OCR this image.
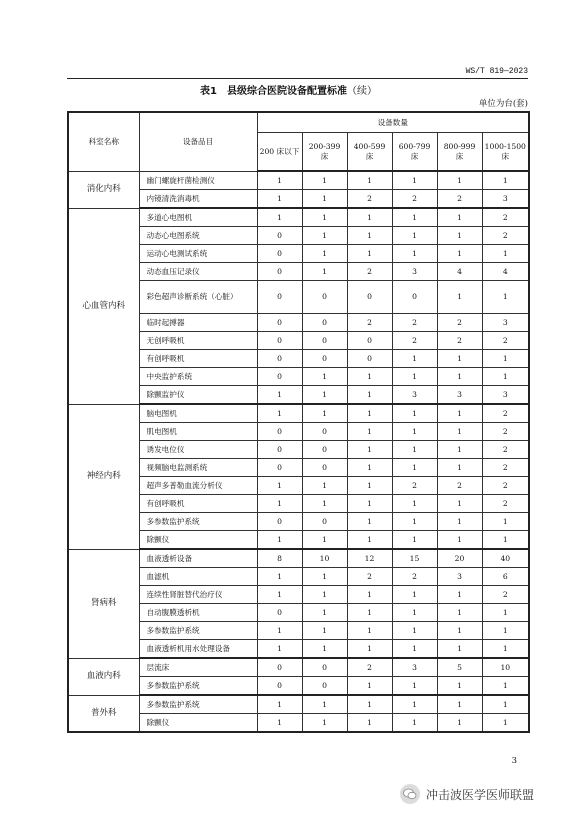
WS/T 819—2023
表1　县级综合医院设备配置标准（续）
单位为台(套)
科室名称	设备品目	设备数量					
		200 床以下	200-399 床	400-599 床	600-799 床	800-999 床	1000-1500 床
消化内科	幽门螺旋杆菌检测仪	1	1	1	1	1	1
	内镜清洗消毒机	1	1	2	2	2	3
心血管内科	多道心电图机	1	1	1	1	1	2
	动态心电图系统	0	1	1	1	1	2
	运动心电测试系统	0	1	1	1	1	1
	动态血压记录仪	0	1	2	3	4	4
	彩色超声诊断系统（心脏）	0	0	0	0	1	1
	临时起搏器	0	0	2	2	2	3
	无创呼吸机	0	0	0	2	2	2
	有创呼吸机	0	0	0	1	1	1
	中央监护系统	0	1	1	1	1	1
	除颤监护仪	1	1	1	3	3	3
神经内科	脑电图机	1	1	1	1	1	2
	肌电图机	0	0	1	1	1	2
	诱发电位仪	0	0	1	1	1	2
	视频脑电监测系统	0	0	1	1	1	2
	超声多普勒血流分析仪	1	1	1	2	2	2
	有创呼吸机	1	1	1	1	1	2
	多参数监护系统	0	0	1	1	1	1
	除颤仪	1	1	1	1	1	1
肾病科	血液透析设备	8	10	12	15	20	40
	血滤机	1	1	2	2	3	6
	连续性肾脏替代治疗仪	1	1	1	1	1	2
	自动腹膜透析机	0	1	1	1	1	1
	多参数监护系统	1	1	1	1	1	1
	血液透析机用水处理设备	1	1	1	1	1	1
血液内科	层流床	0	0	2	3	5	10
	多参数监护系统	0	0	1	1	1	1
普外科	多参数监护系统	1	1	1	1	1	1
	除颤仪	1	1	1	1	1	1
3
冲击波医学医师联盟
